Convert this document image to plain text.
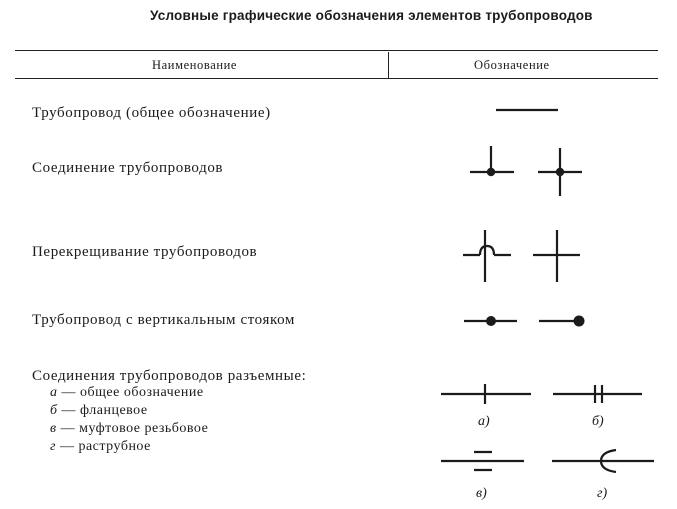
Условные графические обозначения элементов трубопроводов
Наименование	Обозначение
Трубопровод (общее обозначение)
Соединение трубопроводов
Перекрещивание трубопроводов
Трубопровод с вертикальным стояком
Соединения трубопроводов разъемные:
а — общее обозначение
б — фланцевое
в — муфтовое резьбовое
г — раструбное
а)	б)
в)	г)
